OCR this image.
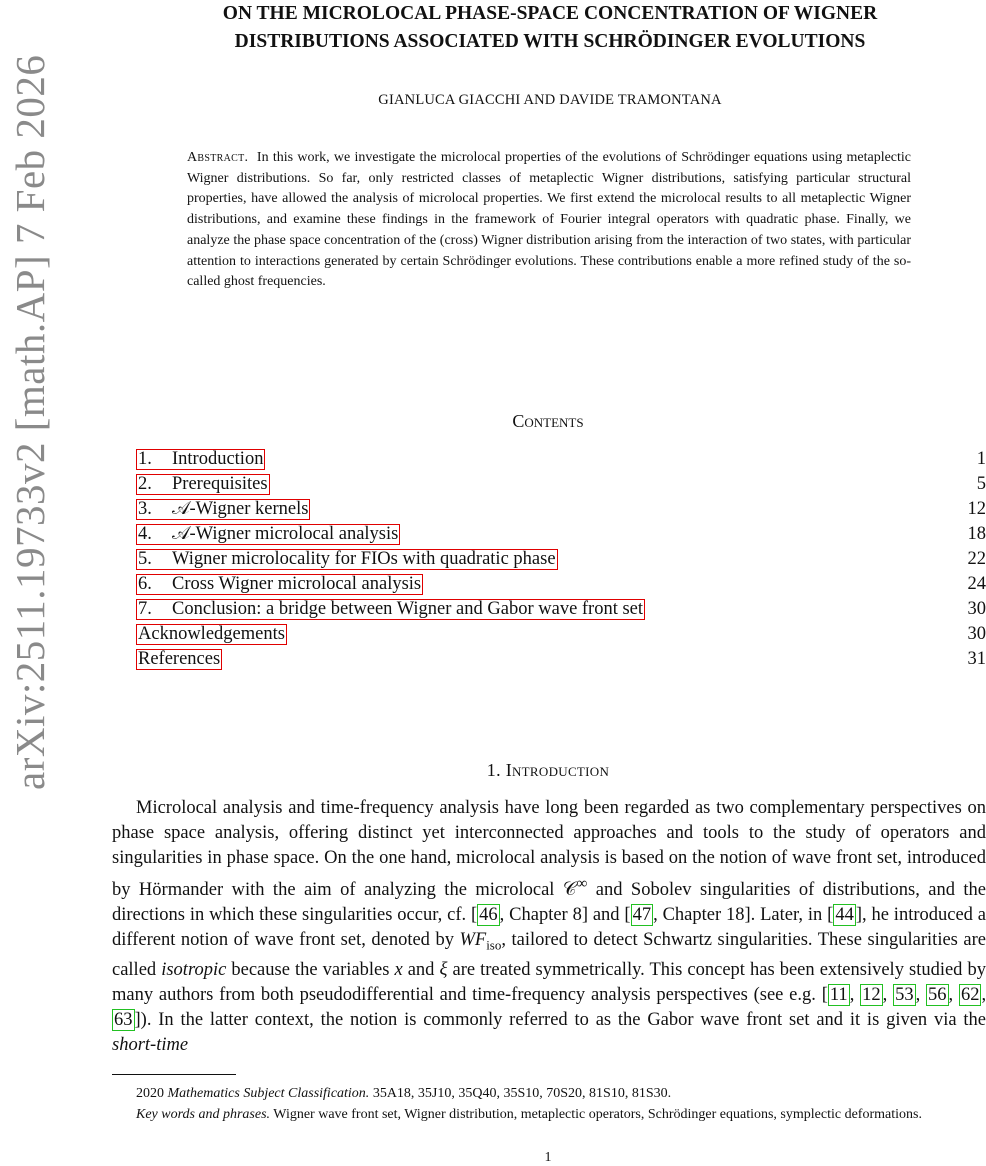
arXiv:2511.19733v2 [math.AP] 7 Feb 2026
ON THE MICROLOCAL PHASE-SPACE CONCENTRATION OF WIGNER
DISTRIBUTIONS ASSOCIATED WITH SCHRÖDINGER EVOLUTIONS
GIANLUCA GIACCHI AND DAVIDE TRAMONTANA
Abstract. In this work, we investigate the microlocal properties of the evolutions of Schrödinger equations using metaplectic Wigner distributions. So far, only restricted classes of metaplectic Wigner distributions, satisfying particular structural properties, have allowed the analysis of microlocal properties. We first extend the microlocal results to all metaplectic Wigner distributions, and examine these findings in the framework of Fourier integral operators with quadratic phase. Finally, we analyze the phase space concentration of the (cross) Wigner distribution arising from the interaction of two states, with particular attention to interactions generated by certain Schrödinger evolutions. These contributions enable a more refined study of the so-called ghost frequencies.
Contents
1. Introduction	1
2. Prerequisites	5
3. 𝒜-Wigner kernels	12
4. 𝒜-Wigner microlocal analysis	18
5. Wigner microlocality for FIOs with quadratic phase	22
6. Cross Wigner microlocal analysis	24
7. Conclusion: a bridge between Wigner and Gabor wave front set	30
Acknowledgements	30
References	31
1. Introduction
Microlocal analysis and time-frequency analysis have long been regarded as two complementary perspectives on phase space analysis, offering distinct yet interconnected approaches and tools to the study of operators and singularities in phase space. On the one hand, microlocal analysis is based on the notion of wave front set, introduced by Hörmander with the aim of analyzing the microlocal 𝒞∞ and Sobolev singularities of distributions, and the directions in which these singularities occur, cf. [ 46 , Chapter 8] and [ 47 , Chapter 18]. Later, in [ 44 ], he introduced a different notion of wave front set, denoted by $WF_{iso}$, tailored to detect Schwartz singularities. These singularities are called isotropic because the variables x and ξ are treated symmetrically. This concept has been extensively studied by many authors from both pseudodifferential and time-frequency analysis perspectives (see e.g. [ 11 , 12 , 53 , 56 , 62 , 63 ]). In the latter context, the notion is commonly referred to as the Gabor wave front set and it is given via the short-time
2020 Mathematics Subject Classification. 35A18, 35J10, 35Q40, 35S10, 70S20, 81S10, 81S30.
Key words and phrases. Wigner wave front set, Wigner distribution, metaplectic operators, Schrödinger equations, symplectic deformations.
1
